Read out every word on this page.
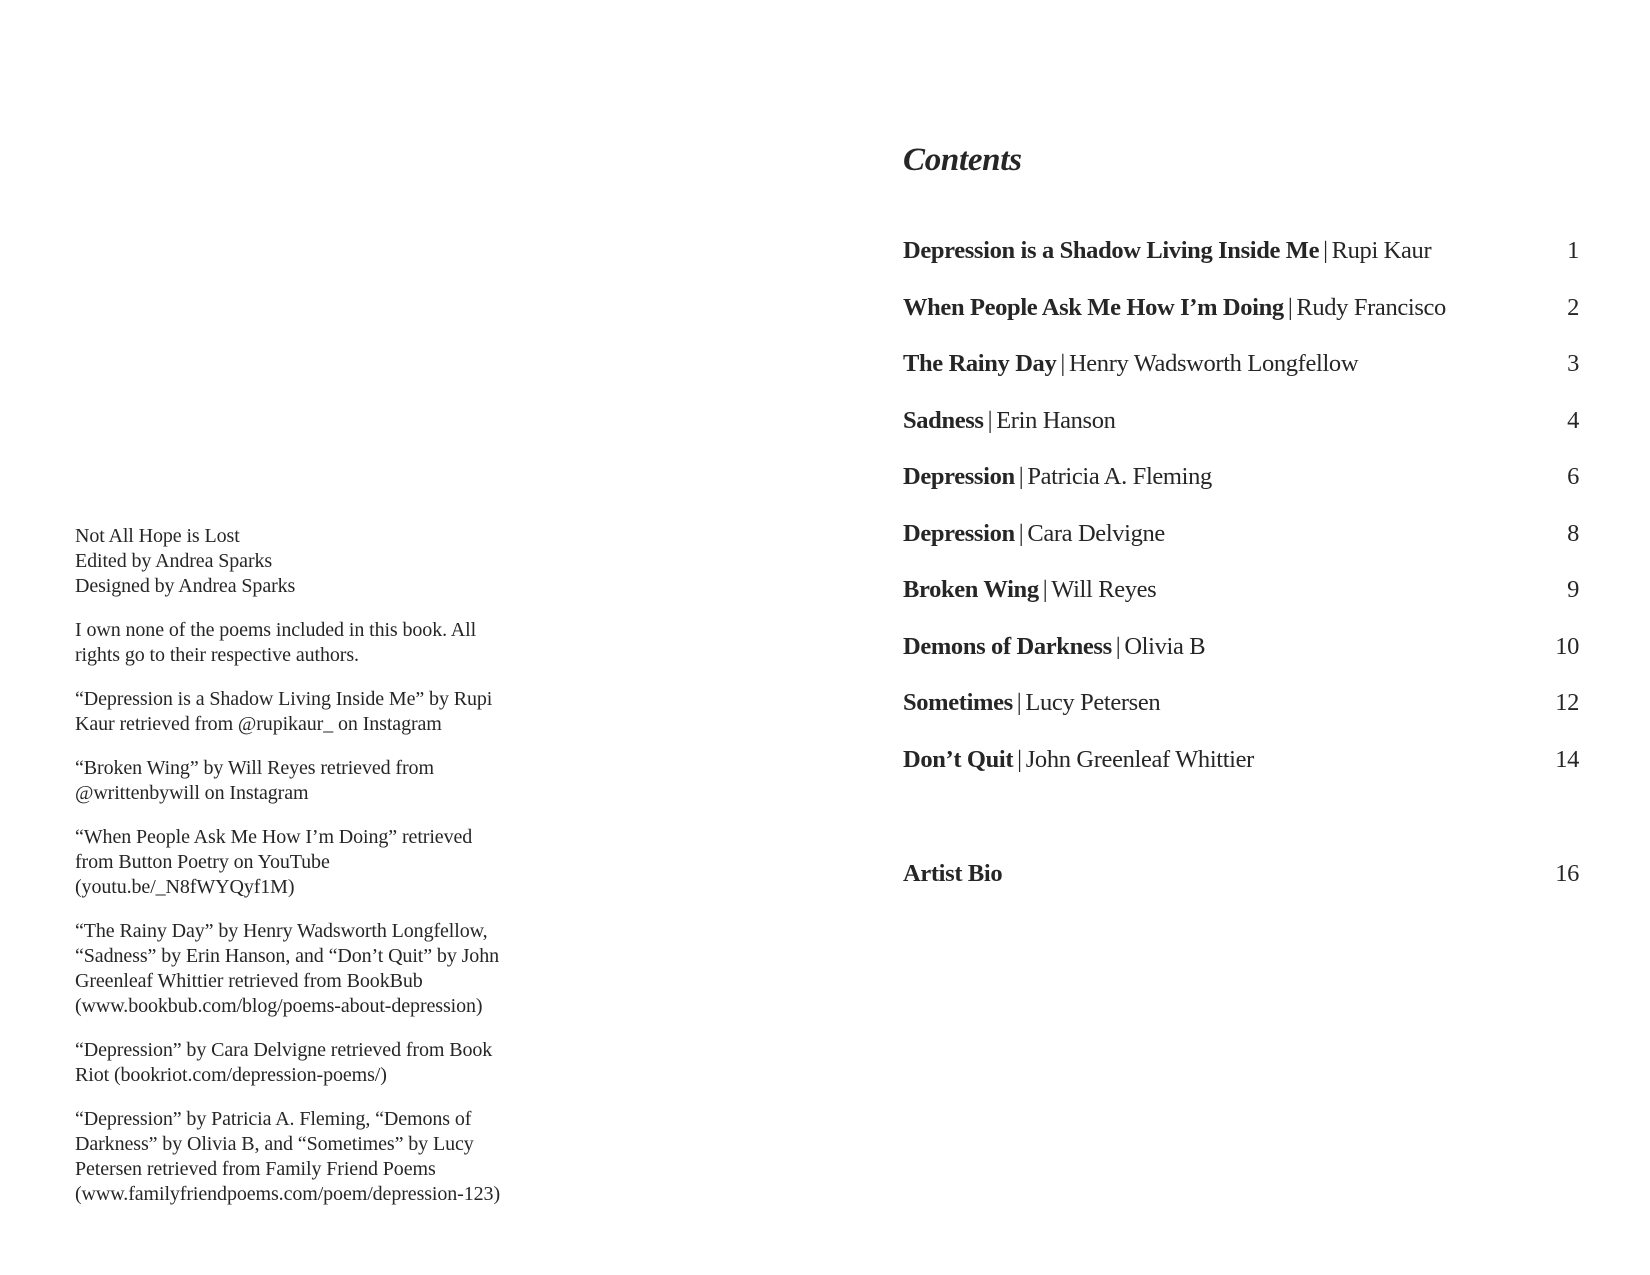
Not All Hope is Lost
Edited by Andrea Sparks
Designed by Andrea Sparks

I own none of the poems included in this book. All
rights go to their respective authors.

“Depression is a Shadow Living Inside Me” by Rupi
Kaur retrieved from @rupikaur_ on Instagram

“Broken Wing” by Will Reyes retrieved from
@writtenbywill on Instagram

“When People Ask Me How I’m Doing” retrieved
from Button Poetry on YouTube
(youtu.be/_N8fWYQyf1M)

“The Rainy Day” by Henry Wadsworth Longfellow,
“Sadness” by Erin Hanson, and “Don’t Quit” by John
Greenleaf Whittier retrieved from BookBub
(www.bookbub.com/blog/poems-about-depression)

“Depression” by Cara Delvigne retrieved from Book
Riot (bookriot.com/depression-poems/)

“Depression” by Patricia A. Fleming, “Demons of
Darkness” by Olivia B, and “Sometimes” by Lucy
Petersen retrieved from Family Friend Poems
(www.familyfriendpoems.com/poem/depression-123)

Contents
Depression is a Shadow Living Inside Me | Rupi Kaur	1
When People Ask Me How I’m Doing | Rudy Francisco	2
The Rainy Day | Henry Wadsworth Longfellow	3
Sadness | Erin Hanson	4
Depression | Patricia A. Fleming	6
Depression | Cara Delvigne	8
Broken Wing | Will Reyes	9
Demons of Darkness | Olivia B	10
Sometimes | Lucy Petersen	12
Don’t Quit | John Greenleaf Whittier	14
Artist Bio	16
